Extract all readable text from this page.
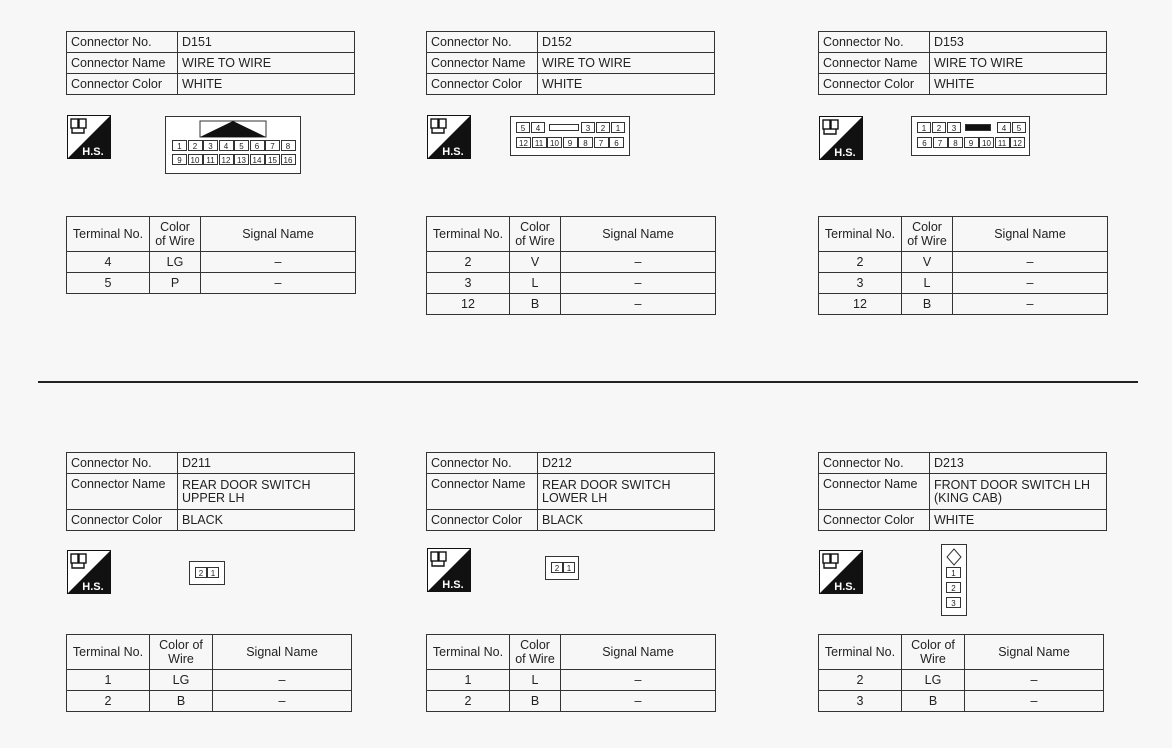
Connector No.	D151
Connector Name	WIRE TO WIRE
Connector Color	WHITE
H.S.	1	2	3	4	5	6	7	8
9	10 11 12 13 14 15 16
Terminal No.	Color of Wire	Signal Name
4	LG	–
5	P	–
Connector No.	D152
Connector Name	WIRE TO WIRE
Connector Color	WHITE
H.S.
5	4	3	2	1
12 11 10	9	8	7	6
Terminal No.	Color of Wire	Signal Name
2	V	–
3	L	–
12	B	–
Connector No.	D153
Connector Name	WIRE TO WIRE
Connector Color	WHITE
H.S.
1	2	3	4	5
6	7	8	9	10 11 12
Terminal No.	Color of Wire	Signal Name
2	V	–
3	L	–
12	B	–
Connector No.	D211
Connector Name	REAR DOOR SWITCH UPPER LH
Connector Color	BLACK
H.S.
2 1
Terminal No.	Color of Wire	Signal Name
1	LG	–
2	B	–
Connector No.	D212
Connector Name	REAR DOOR SWITCH LOWER LH
Connector Color	BLACK
H.S.
2 1
Terminal No.	Color of Wire	Signal Name
1	L	–
2	B	–
Connector No.	D213
Connector Name	FRONT DOOR SWITCH LH (KING CAB)
Connector Color	WHITE
H.S.
1
2
3
Terminal No.	Color of Wire	Signal Name
2	LG	–
3	B	–
